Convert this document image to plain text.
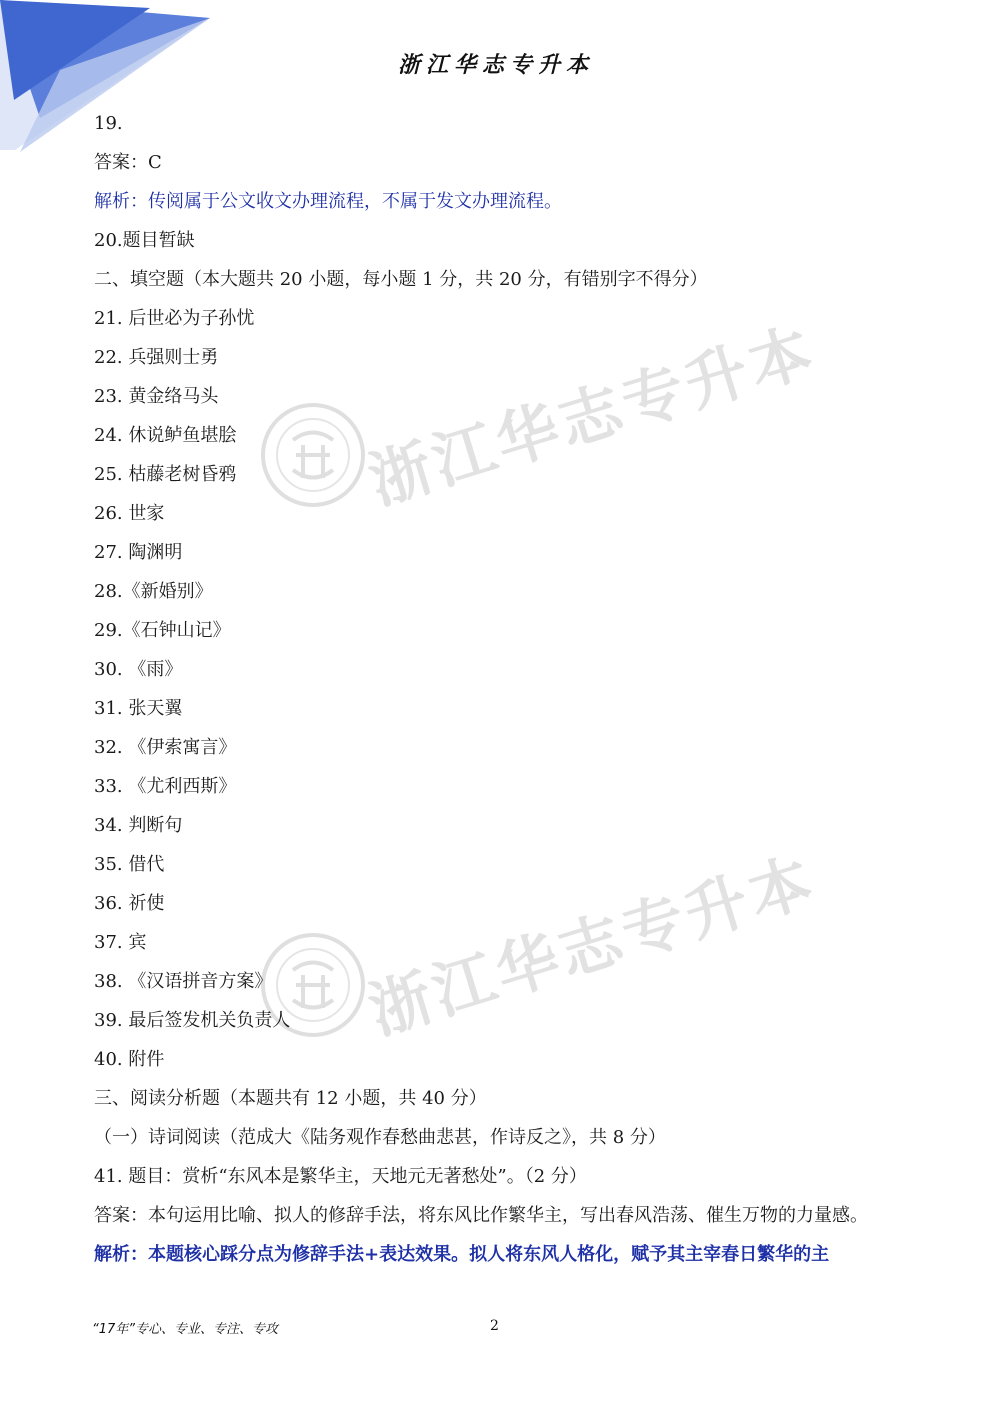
浙江华志专升本
浙江华志专升本
浙江华志专升本
19.
答案：C
解析：传阅属于公文收文办理流程，不属于发文办理流程。
20.题目暂缺
二、填空题（本大题共 20 小题，每小题 1 分，共 20 分，有错别字不得分）
21. 后世必为子孙忧
22. 兵强则士勇
23. 黄金络马头
24. 休说鲈鱼堪脍
25. 枯藤老树昏鸦
26. 世家
27. 陶渊明
28.《新婚别》
29.《石钟山记》
30. 《雨》
31. 张天翼
32. 《伊索寓言》
33. 《尤利西斯》
34. 判断句
35. 借代
36. 祈使
37. 宾
38. 《汉语拼音方案》
39. 最后签发机关负责人
40. 附件
三、阅读分析题（本题共有 12 小题，共 40 分）
（一）诗词阅读（范成大《陆务观作春愁曲悲甚，作诗反之》，共 8 分）
41. 题目：赏析“东风本是繁华主，天地元无著愁处”。（2 分）
答案：本句运用比喻、拟人的修辞手法，将东风比作繁华主，写出春风浩荡、催生万物的力量感。
解析：本题核心踩分点为修辞手法+表达效果。拟人将东风人格化，赋予其主宰春日繁华的主
“17年”专心、专业、专注、专攻	2
